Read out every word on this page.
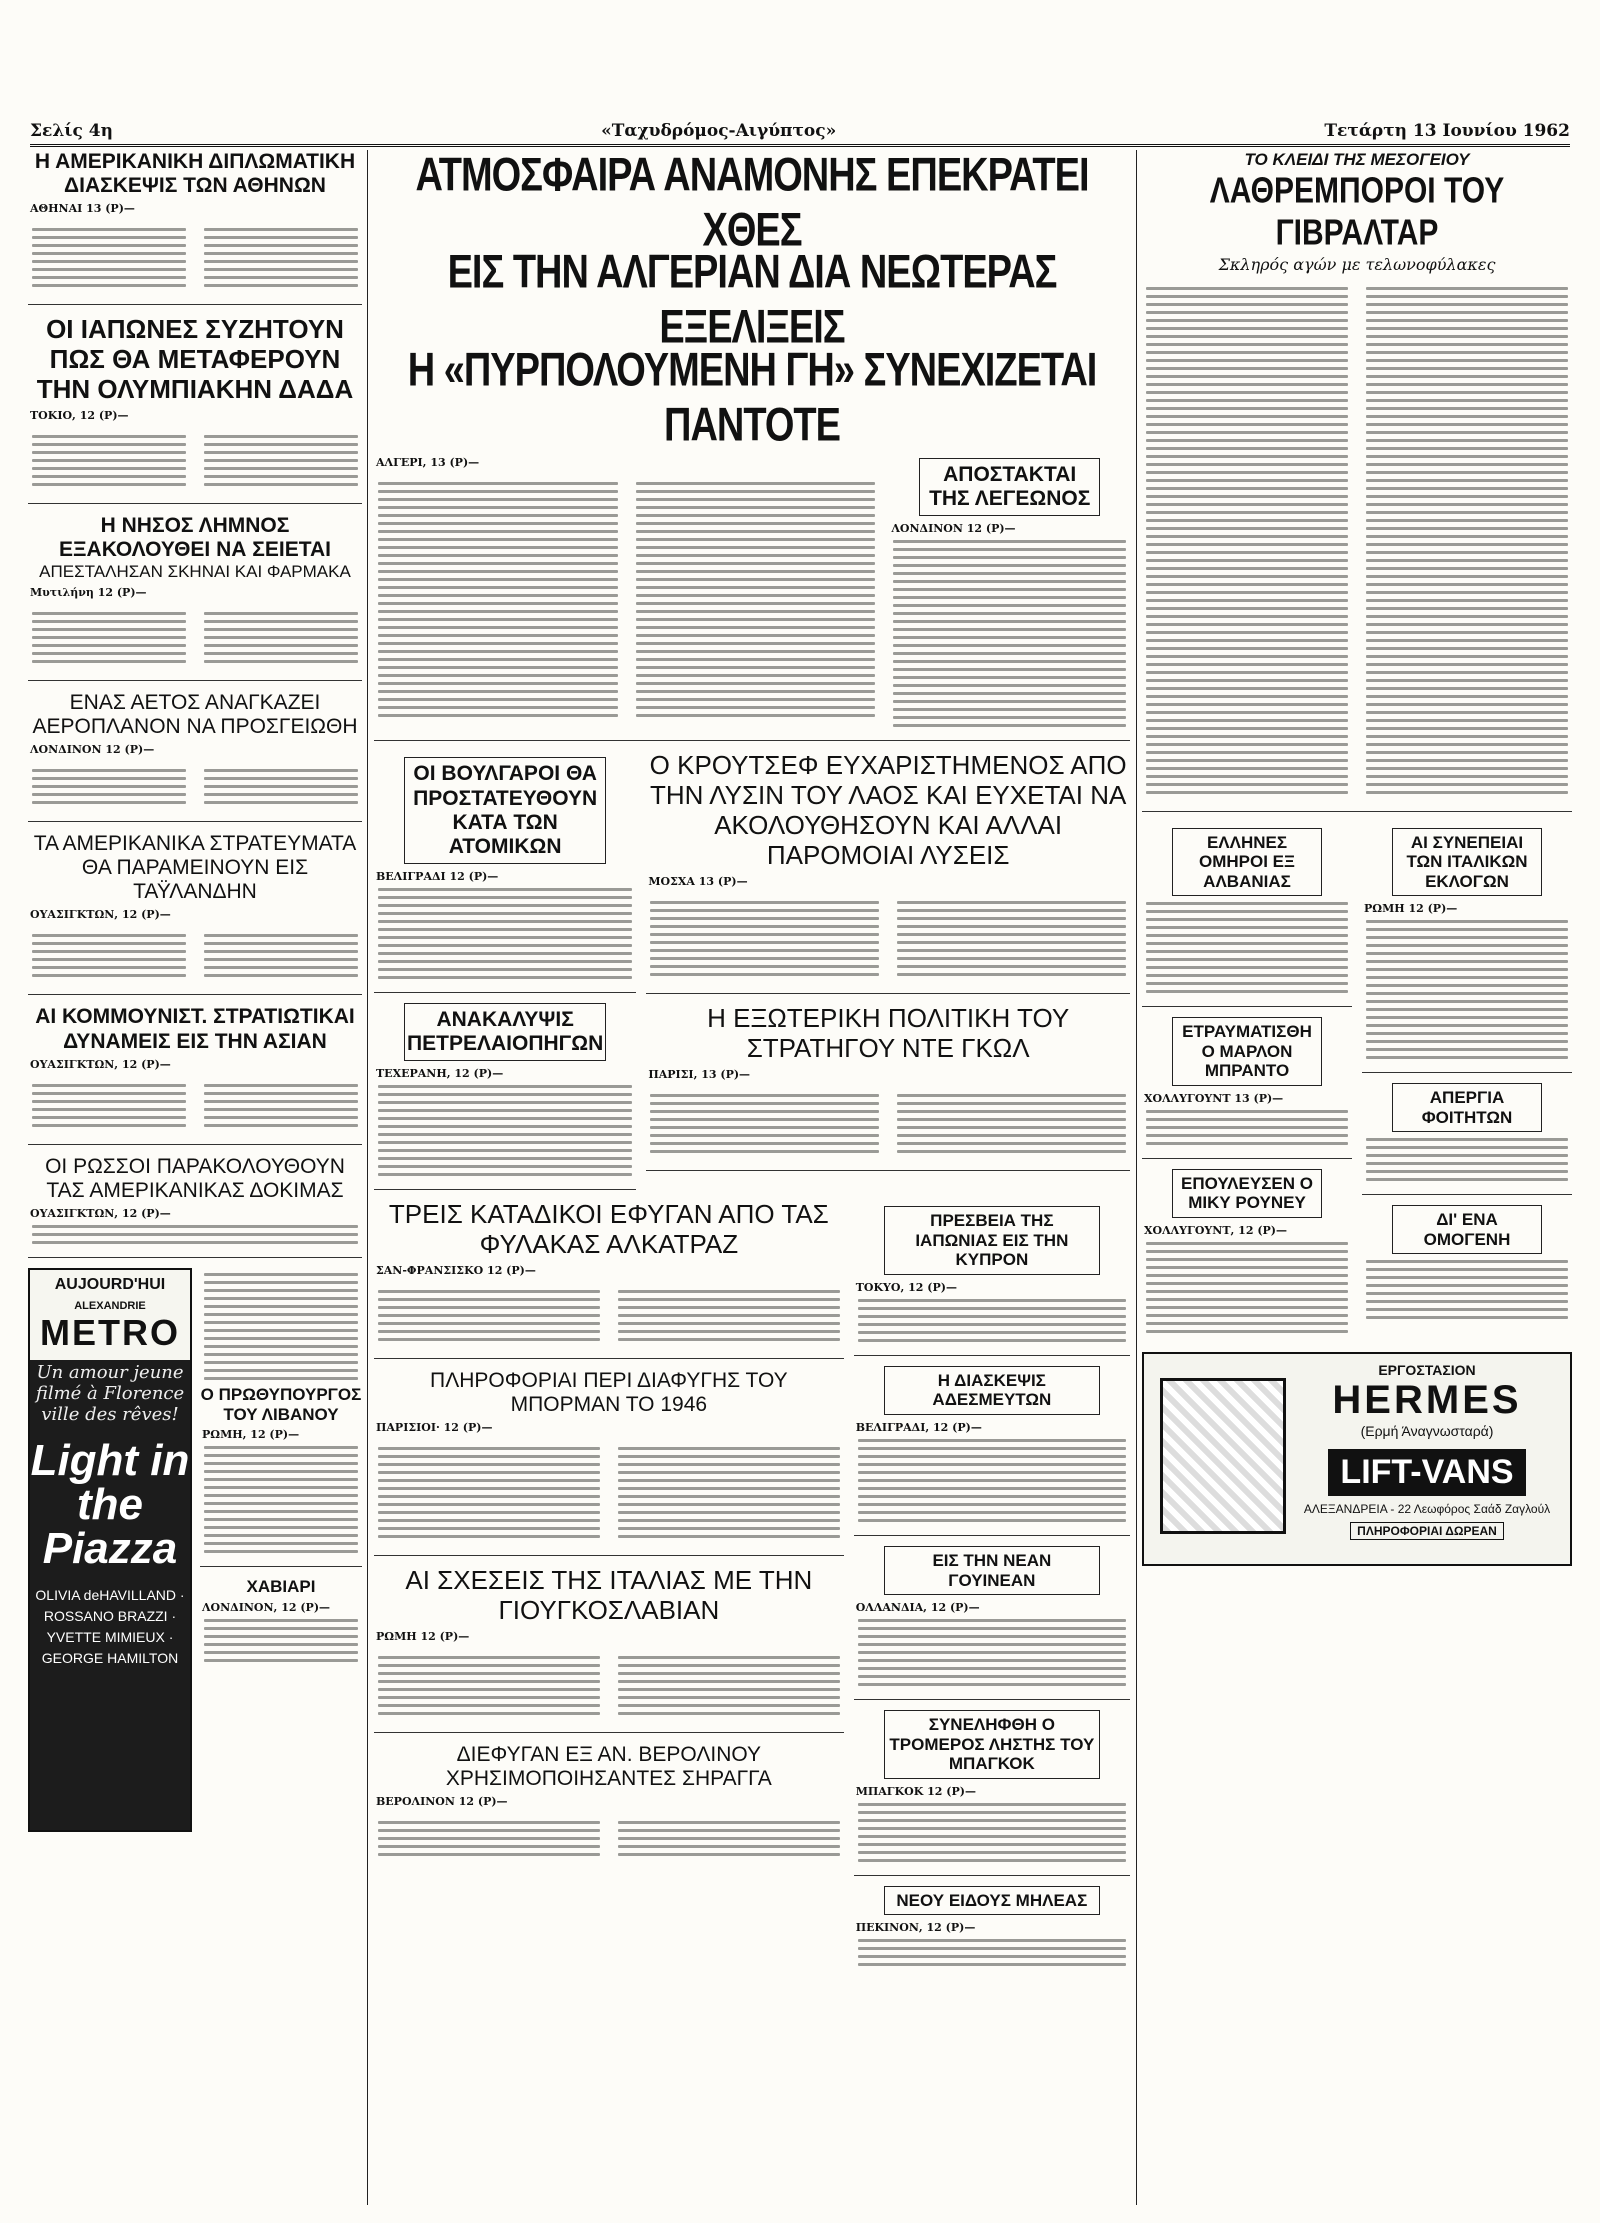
Σελίς 4η	«Ταχυδρόμος-Αιγύπτος»	Τετάρτη 13 Ιουνίου 1962
Η ΑΜΕΡΙΚΑΝΙΚΗ ΔΙΠΛΩΜΑΤΙΚΗ ΔΙΑΣΚΕΨΙΣ ΤΩΝ ΑΘΗΝΩΝ
ΑΘΗΝΑΙ 13 (Ρ)—
ΟΙ ΙΑΠΩΝΕΣ ΣΥΖΗΤΟΥΝ ΠΩΣ ΘΑ ΜΕΤΑΦΕΡΟΥΝ ΤΗΝ ΟΛΥΜΠΙΑΚΗΝ ΔΑΔΑ
ΤΟΚΙΟ, 12 (Ρ)—
Η ΝΗΣΟΣ ΛΗΜΝΟΣ ΕΞΑΚΟΛΟΥΘΕΙ ΝΑ ΣΕΙΕΤΑΙ
ΑΠΕΣΤΑΛΗΣΑΝ ΣΚΗΝΑΙ ΚΑΙ ΦΑΡΜΑΚΑ
Μυτιλήνη 12 (Ρ)—
ΕΝΑΣ ΑΕΤΟΣ ΑΝΑΓΚΑΖΕΙ ΑΕΡΟΠΛΑΝΟΝ ΝΑ ΠΡΟΣΓΕΙΩΘΗ
ΛΟΝΔΙΝΟΝ 12 (Ρ)—
ΤΑ ΑΜΕΡΙΚΑΝΙΚΑ ΣΤΡΑΤΕΥΜΑΤΑ ΘΑ ΠΑΡΑΜΕΙΝΟΥΝ ΕΙΣ ΤΑΫΛΑΝΔΗΝ
ΟΥΑΣΙΓΚΤΩΝ, 12 (Ρ)—
ΑΙ ΚΟΜΜΟΥΝΙΣΤ. ΣΤΡΑΤΙΩΤΙΚΑΙ ΔΥΝΑΜΕΙΣ ΕΙΣ ΤΗΝ ΑΣΙΑΝ
ΟΥΑΣΙΓΚΤΩΝ, 12 (Ρ)—
ΟΙ ΡΩΣΣΟΙ ΠΑΡΑΚΟΛΟΥΘΟΥΝ ΤΑΣ ΑΜΕΡΙΚΑΝΙΚΑΣ ΔΟΚΙΜΑΣ
ΟΥΑΣΙΓΚΤΩΝ, 12 (Ρ)—
AUJOURD'HUI
ALEXANDRIE
METRO
Un amour jeune filmé à Florence ville des rêves!
Light in the Piazza
OLIVIA deHAVILLAND · ROSSANO BRAZZI · YVETTE MIMIEUX · GEORGE HAMILTON
Ο ΠΡΩΘΥΠΟΥΡΓΟΣ ΤΟΥ ΛΙΒΑΝΟΥ
ΡΩΜΗ, 12 (Ρ)—
ΧΑΒΙΑΡΙ
ΛΟΝΔΙΝΟΝ, 12 (Ρ)—
ΑΤΜΟΣΦΑΙΡΑ ΑΝΑΜΟΝΗΣ ΕΠΕΚΡΑΤΕΙ ΧΘΕΣ
ΕΙΣ ΤΗΝ ΑΛΓΕΡΙΑΝ ΔΙΑ ΝΕΩΤΕΡΑΣ ΕΞΕΛΙΞΕΙΣ
Η «ΠΥΡΠΟΛΟΥΜΕΝΗ ΓΗ» ΣΥΝΕΧΙΖΕΤΑΙ ΠΑΝΤΟΤΕ
ΑΛΓΕΡΙ, 13 (Ρ)—
ΑΠΟΣΤΑΚΤΑΙ ΤΗΣ ΛΕΓΕΩΝΟΣ
ΛΟΝΔΙΝΟΝ 12 (Ρ)—
ΟΙ ΒΟΥΛΓΑΡΟΙ ΘΑ ΠΡΟΣΤΑΤΕΥΘΟΥΝ ΚΑΤΑ ΤΩΝ ΑΤΟΜΙΚΩΝ
ΒΕΛΙΓΡΑΔΙ 12 (Ρ)—
ΑΝΑΚΑΛΥΨΙΣ ΠΕΤΡΕΛΑΙΟΠΗΓΩΝ
ΤΕΧΕΡΑΝΗ, 12 (Ρ)—
Ο ΚΡΟΥΤΣΕΦ ΕΥΧΑΡΙΣΤΗΜΕΝΟΣ ΑΠΟ ΤΗΝ ΛΥΣΙΝ ΤΟΥ ΛΑΟΣ ΚΑΙ ΕΥΧΕΤΑΙ ΝΑ ΑΚΟΛΟΥΘΗΣΟΥΝ ΚΑΙ ΑΛΛΑΙ ΠΑΡΟΜΟΙΑΙ ΛΥΣΕΙΣ
ΜΟΣΧΑ 13 (Ρ)—
Η ΕΞΩΤΕΡΙΚΗ ΠΟΛΙΤΙΚΗ ΤΟΥ ΣΤΡΑΤΗΓΟΥ ΝΤΕ ΓΚΩΛ
ΠΑΡΙΣΙ, 13 (Ρ)—
ΤΡΕΙΣ ΚΑΤΑΔΙΚΟΙ ΕΦΥΓΑΝ ΑΠΟ ΤΑΣ ΦΥΛΑΚΑΣ ΑΛΚΑΤΡΑΖ
ΣΑΝ-ΦΡΑΝΣΙΣΚΟ 12 (Ρ)—
ΠΛΗΡΟΦΟΡΙΑΙ ΠΕΡΙ ΔΙΑΦΥΓΗΣ ΤΟΥ ΜΠΟΡΜΑΝ ΤΟ 1946
ΠΑΡΙΣΙΟΙ· 12 (Ρ)—
ΑΙ ΣΧΕΣΕΙΣ ΤΗΣ ΙΤΑΛΙΑΣ ΜΕ ΤΗΝ ΓΙΟΥΓΚΟΣΛΑΒΙΑΝ
ΡΩΜΗ 12 (Ρ)—
ΔΙΕΦΥΓΑΝ ΕΞ ΑΝ. ΒΕΡΟΛΙΝΟΥ ΧΡΗΣΙΜΟΠΟΙΗΣΑΝΤΕΣ ΣΗΡΑΓΓΑ
ΒΕΡΟΛΙΝΟΝ 12 (Ρ)—
ΠΡΕΣΒΕΙΑ ΤΗΣ ΙΑΠΩΝΙΑΣ ΕΙΣ ΤΗΝ ΚΥΠΡΟΝ
ΤΟΚΥΟ, 12 (Ρ)—
Η ΔΙΑΣΚΕΨΙΣ ΑΔΕΣΜΕΥΤΩΝ
ΒΕΛΙΓΡΑΔΙ, 12 (Ρ)—
ΕΙΣ ΤΗΝ ΝΕΑΝ ΓΟΥΙΝΕΑΝ
ΟΛΛΑΝΔΙΑ, 12 (Ρ)—
ΣΥΝΕΛΗΦΘΗ Ο ΤΡΟΜΕΡΟΣ ΛΗΣΤΗΣ ΤΟΥ ΜΠΑΓΚΟΚ
ΜΠΑΓΚΟΚ 12 (Ρ)—
ΝΕΟΥ ΕΙΔΟΥΣ ΜΗΛΕΑΣ
ΠΕΚΙΝΟΝ, 12 (Ρ)—
ΤΟ ΚΛΕΙΔΙ ΤΗΣ ΜΕΣΟΓΕΙΟΥ
ΛΑΘΡΕΜΠΟΡΟΙ ΤΟΥ ΓΙΒΡΑΛΤΑΡ
Σκληρός αγών με τελωνοφύλακες
ΕΛΛΗΝΕΣ ΟΜΗΡΟΙ ΕΞ ΑΛΒΑΝΙΑΣ
ΕΤΡΑΥΜΑΤΙΣΘΗ Ο ΜΑΡΛΟΝ ΜΠΡΑΝΤΟ
ΧΟΛΛΥΓΟΥΝΤ 13 (Ρ)—
ΕΠΟΥΛΕΥΣΕΝ Ο ΜΙΚΥ ΡΟΥΝΕΥ
ΧΟΛΛΥΓΟΥΝΤ, 12 (Ρ)—
ΑΙ ΣΥΝΕΠΕΙΑΙ ΤΩΝ ΙΤΑΛΙΚΩΝ ΕΚΛΟΓΩΝ
ΡΩΜΗ 12 (Ρ)—
ΑΠΕΡΓΙΑ ΦΟΙΤΗΤΩΝ
ΔΙ' ΕΝΑ ΟΜΟΓΕΝΗ
ΕΡΓΟΣΤΑΣΙΟΝ
HERMES
(Ερμή Άναγνωσταρά)
LIFT-VANS
ΑΛΕΞΑΝΔΡΕΙΑ - 22 Λεωφόρος Σαάδ Ζαγλούλ
ΠΛΗΡΟΦΟΡΙΑΙ ΔΩΡΕΑΝ
